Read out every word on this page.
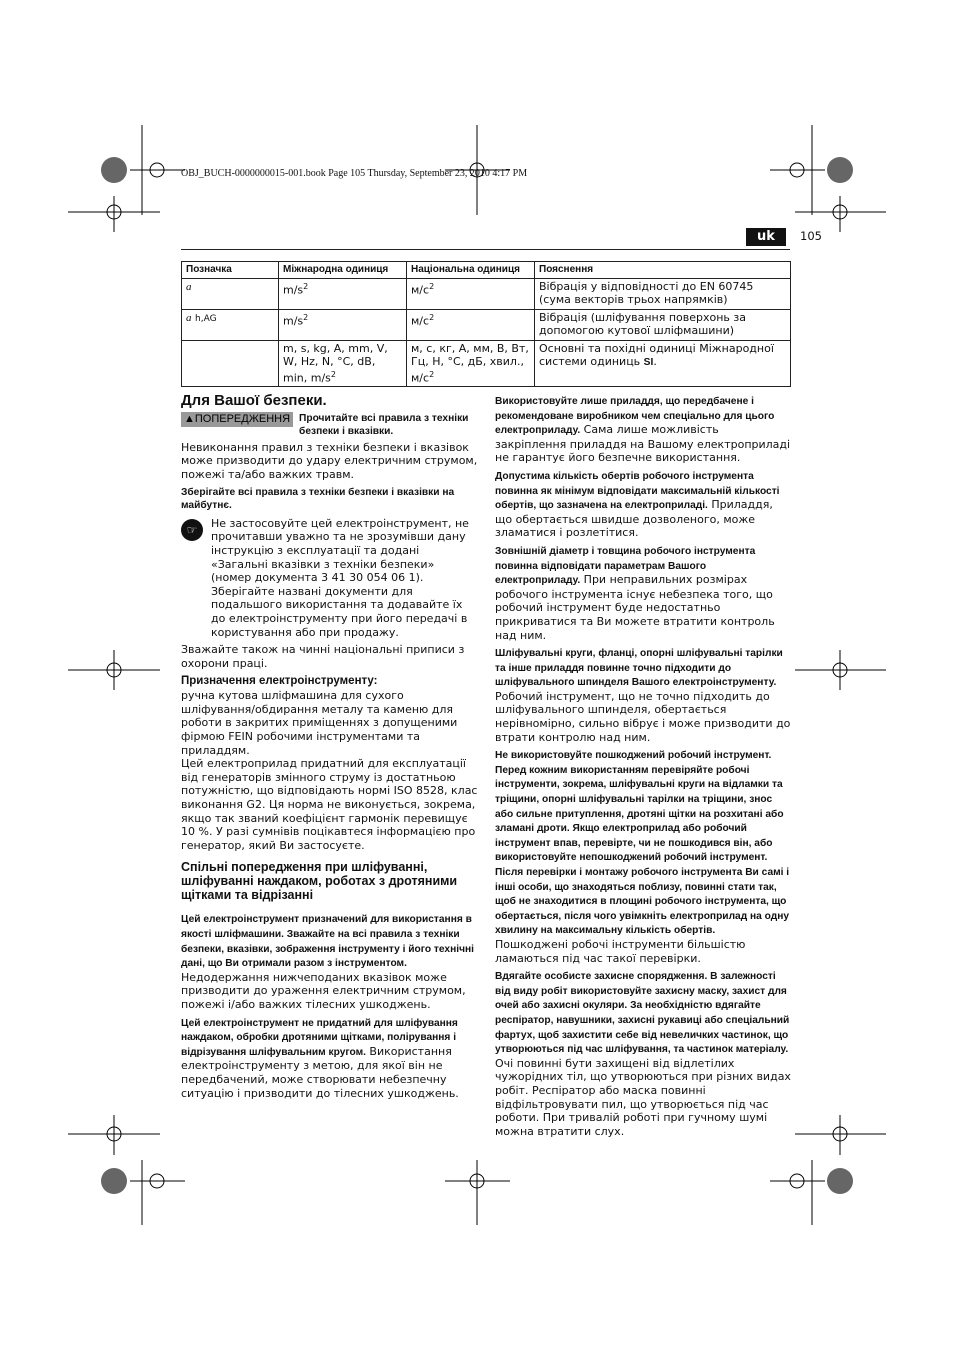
OBJ_BUCH-0000000015-001.book Page 105 Thursday, September 23, 2010 4:17 PM
uk	105
Позначка	Міжнародна одиниця	Національна одиниця	Пояснення
a	$m/s^2$	$м/с^2$	Вібрація у відповідності до EN 60745 (сума векторів трьох напрямків)
a h,AG	$m/s^2$	$м/с^2$	Вібрація (шліфування поверхонь за допомогою кутової шліфмашини)
	m, s, kg, A, mm, V, W, Hz, N, °C, dB, min, $m/s^2$	м, с, кг, А, мм, В, Вт, Гц, Н, °C, дБ, хвил., $м/с^2$	Основні та похідні одиниці Міжнародної системи одиниць SI.
Для Вашої безпеки.
▲ПОПЕРЕДЖЕННЯ Прочитайте всі правила з техніки безпеки і вказівки.

Невиконання правил з техніки безпеки і вказівок може призводити до удару електричним струмом, пожежі та/або важких травм.

Зберігайте всі правила з техніки безпеки і вказівки на майбутнє.

☞	Не застосовуйте цей електроінструмент, не прочитавши уважно та не зрозумівши дану інструкцію з експлуатації та додані «Загальні вказівки з техніки безпеки» (номер документа 3 41 30 054 06 1). Зберігайте названі документи для подальшого використання та додавайте їх до електроінструменту при його передачі в користування або при продажу.

Зважайте також на чинні національні приписи з охорони праці.

Призначення електроінструменту:

ручна кутова шліфмашина для сухого шліфування/обдирання металу та каменю для роботи в закритих приміщеннях з допущеними фірмою FEIN робочими інструментами та приладдям.

Цей електроприлад придатний для експлуатації від генераторів змінного струму із достатньою потужністю, що відповідають нормі ISO 8528, клас виконання G2. Ця норма не виконується, зокрема, якщо так званий коефіцієнт гармонік перевищує 10 %. У разі сумнівів поцікавтеся інформацією про генератор, який Ви застосуєте.

Спільні попередження при шліфуванні, шліфуванні наждаком, роботах з дротяними щітками та відрізанні

Цей електроінструмент призначений для використання в якості шліфмашини. Зважайте на всі правила з техніки безпеки, вказівки, зображення інструменту і його технічні дані, що Ви отримали разом з інструментом. Недодержання нижчеподаних вказівок може призводити до ураження електричним струмом, пожежі і/або важких тілесних ушкоджень.

Цей електроінструмент не придатний для шліфування наждаком, обробки дротяними щітками, полірування і відрізування шліфувальним кругом. Використання електроінструменту з метою, для якої він не передбачений, може створювати небезпечну ситуацію і призводити до тілесних ушкоджень.

Використовуйте лише приладдя, що передбачене і рекомендоване виробником чем спеціально для цього електроприладу. Сама лише можливість закріплення приладдя на Вашому електроприладі не гарантує його безпечне використання.

Допустима кількість обертів робочого інструмента повинна як мінімум відповідати максимальній кількості обертів, що зазначена на електроприладі. Приладдя, що обертається швидше дозволеного, може зламатися і розлетітися.

Зовнішній діаметр і товщина робочого інструмента повинна відповідати параметрам Вашого електроприладу. При неправильних розмірах робочого інструмента існує небезпека того, що робочий інструмент буде недостатньо прикриватися та Ви можете втратити контроль над ним.

Шліфувальні круги, фланці, опорні шліфувальні тарілки та інше приладдя повинне точно підходити до шліфувального шпинделя Вашого електроінструменту. Робочий інструмент, що не точно підходить до шліфувального шпинделя, обертається нерівномірно, сильно вібрує і може призводити до втрати контролю над ним.

Не використовуйте пошкоджений робочий інструмент. Перед кожним використанням перевіряйте робочі інструменти, зокрема, шліфувальні круги на відламки та тріщини, опорні шліфувальні тарілки на тріщини, знос або сильне притуплення, дротяні щітки на розхитані або зламані дроти. Якщо електроприлад або робочий інструмент впав, перевірте, чи не пошкодився він, або використовуйте непошкоджений робочий інструмент. Після перевірки і монтажу робочого інструмента Ви самі і інші особи, що знаходяться поблизу, повинні стати так, щоб не знаходитися в площині робочого інструмента, що обертається, після чого увімкніть електроприлад на одну хвилину на максимальну кількість обертів. Пошкоджені робочі інструменти більшістю ламаються під час такої перевірки.

Вдягайте особисте захисне спорядження. В залежності від виду робіт використовуйте захисну маску, захист для очей або захисні окуляри. За необхідністю вдягайте респіратор, навушники, захисні рукавиці або спеціальний фартух, щоб захистити себе від невеличких частинок, що утворюються під час шліфування, та частинок матеріалу. Очі повинні бути захищені від відлетілих чужорідних тіл, що утворюються при різних видах робіт. Респіратор або маска повинні відфільтровувати пил, що утворюється під час роботи. При тривалій роботі при гучному шумі можна втратити слух.
